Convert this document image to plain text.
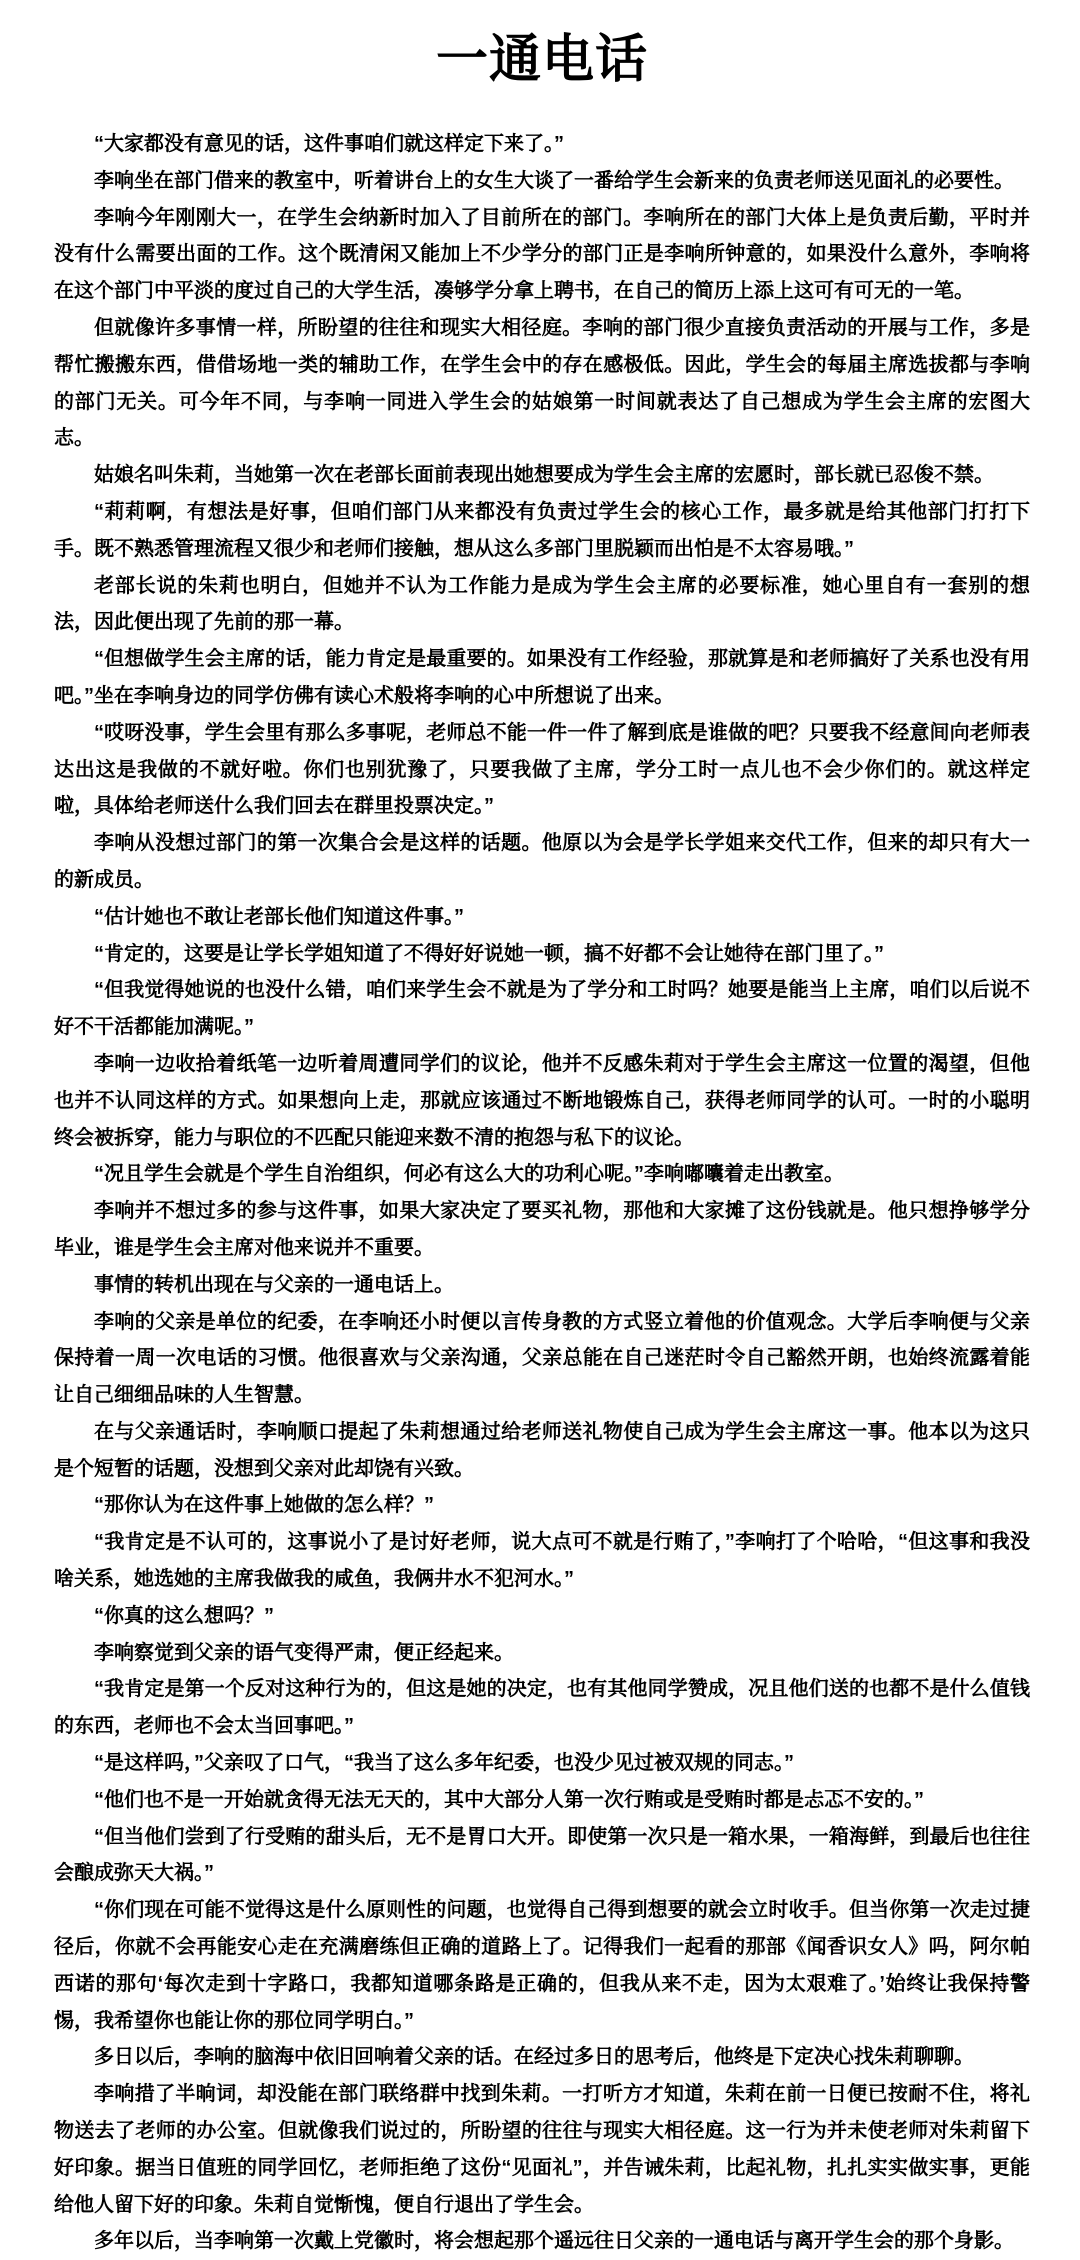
一通电话

“大家都没有意见的话，这件事咱们就这样定下来了。”

李响坐在部门借来的教室中，听着讲台上的女生大谈了一番给学生会新来的负责老师送见面礼的必要性。

李响今年刚刚大一，在学生会纳新时加入了目前所在的部门。李响所在的部门大体上是负责后勤，平时并没有什么需要出面的工作。这个既清闲又能加上不少学分的部门正是李响所钟意的，如果没什么意外，李响将在这个部门中平淡的度过自己的大学生活，凑够学分拿上聘书，在自己的简历上添上这可有可无的一笔。

但就像许多事情一样，所盼望的往往和现实大相径庭。李响的部门很少直接负责活动的开展与工作，多是帮忙搬搬东西，借借场地一类的辅助工作，在学生会中的存在感极低。因此，学生会的每届主席选拔都与李响的部门无关。可今年不同，与李响一同进入学生会的姑娘第一时间就表达了自己想成为学生会主席的宏图大志。

姑娘名叫朱莉，当她第一次在老部长面前表现出她想要成为学生会主席的宏愿时，部长就已忍俊不禁。

“莉莉啊，有想法是好事，但咱们部门从来都没有负责过学生会的核心工作，最多就是给其他部门打打下手。既不熟悉管理流程又很少和老师们接触，想从这么多部门里脱颖而出怕是不太容易哦。”

老部长说的朱莉也明白，但她并不认为工作能力是成为学生会主席的必要标准，她心里自有一套别的想法，因此便出现了先前的那一幕。

“但想做学生会主席的话，能力肯定是最重要的。如果没有工作经验，那就算是和老师搞好了关系也没有用吧。”坐在李响身边的同学仿佛有读心术般将李响的心中所想说了出来。

“哎呀没事，学生会里有那么多事呢，老师总不能一件一件了解到底是谁做的吧？只要我不经意间向老师表达出这是我做的不就好啦。你们也别犹豫了，只要我做了主席，学分工时一点儿也不会少你们的。就这样定啦，具体给老师送什么我们回去在群里投票决定。”

李响从没想过部门的第一次集合会是这样的话题。他原以为会是学长学姐来交代工作，但来的却只有大一的新成员。

“估计她也不敢让老部长他们知道这件事。”

“肯定的，这要是让学长学姐知道了不得好好说她一顿，搞不好都不会让她待在部门里了。”

“但我觉得她说的也没什么错，咱们来学生会不就是为了学分和工时吗？她要是能当上主席，咱们以后说不好不干活都能加满呢。”

李响一边收拾着纸笔一边听着周遭同学们的议论，他并不反感朱莉对于学生会主席这一位置的渴望，但他也并不认同这样的方式。如果想向上走，那就应该通过不断地锻炼自己，获得老师同学的认可。一时的小聪明终会被拆穿，能力与职位的不匹配只能迎来数不清的抱怨与私下的议论。

“况且学生会就是个学生自治组织，何必有这么大的功利心呢。”李响嘟囔着走出教室。

李响并不想过多的参与这件事，如果大家决定了要买礼物，那他和大家摊了这份钱就是。他只想挣够学分毕业，谁是学生会主席对他来说并不重要。

事情的转机出现在与父亲的一通电话上。

李响的父亲是单位的纪委，在李响还小时便以言传身教的方式竖立着他的价值观念。大学后李响便与父亲保持着一周一次电话的习惯。他很喜欢与父亲沟通，父亲总能在自己迷茫时令自己豁然开朗，也始终流露着能让自己细细品味的人生智慧。

在与父亲通话时，李响顺口提起了朱莉想通过给老师送礼物使自己成为学生会主席这一事。他本以为这只是个短暂的话题，没想到父亲对此却饶有兴致。

“那你认为在这件事上她做的怎么样？”

“我肯定是不认可的，这事说小了是讨好老师，说大点可不就是行贿了，”李响打了个哈哈，“但这事和我没啥关系，她选她的主席我做我的咸鱼，我俩井水不犯河水。”

“你真的这么想吗？”

李响察觉到父亲的语气变得严肃，便正经起来。

“我肯定是第一个反对这种行为的，但这是她的决定，也有其他同学赞成，况且他们送的也都不是什么值钱的东西，老师也不会太当回事吧。”

“是这样吗，”父亲叹了口气，“我当了这么多年纪委，也没少见过被双规的同志。”

“他们也不是一开始就贪得无法无天的，其中大部分人第一次行贿或是受贿时都是忐忑不安的。”

“但当他们尝到了行受贿的甜头后，无不是胃口大开。即使第一次只是一箱水果，一箱海鲜，到最后也往往会酿成弥天大祸。”

“你们现在可能不觉得这是什么原则性的问题，也觉得自己得到想要的就会立时收手。但当你第一次走过捷径后，你就不会再能安心走在充满磨练但正确的道路上了。记得我们一起看的那部《闻香识女人》吗，阿尔帕西诺的那句‘每次走到十字路口，我都知道哪条路是正确的，但我从来不走，因为太艰难了。’始终让我保持警惕，我希望你也能让你的那位同学明白。”

多日以后，李响的脑海中依旧回响着父亲的话。在经过多日的思考后，他终是下定决心找朱莉聊聊。

李响措了半晌词，却没能在部门联络群中找到朱莉。一打听方才知道，朱莉在前一日便已按耐不住，将礼物送去了老师的办公室。但就像我们说过的，所盼望的往往与现实大相径庭。这一行为并未使老师对朱莉留下好印象。据当日值班的同学回忆，老师拒绝了这份“见面礼”，并告诫朱莉，比起礼物，扎扎实实做实事，更能给他人留下好的印象。朱莉自觉惭愧，便自行退出了学生会。

多年以后，当李响第一次戴上党徽时，将会想起那个遥远往日父亲的一通电话与离开学生会的那个身影。
